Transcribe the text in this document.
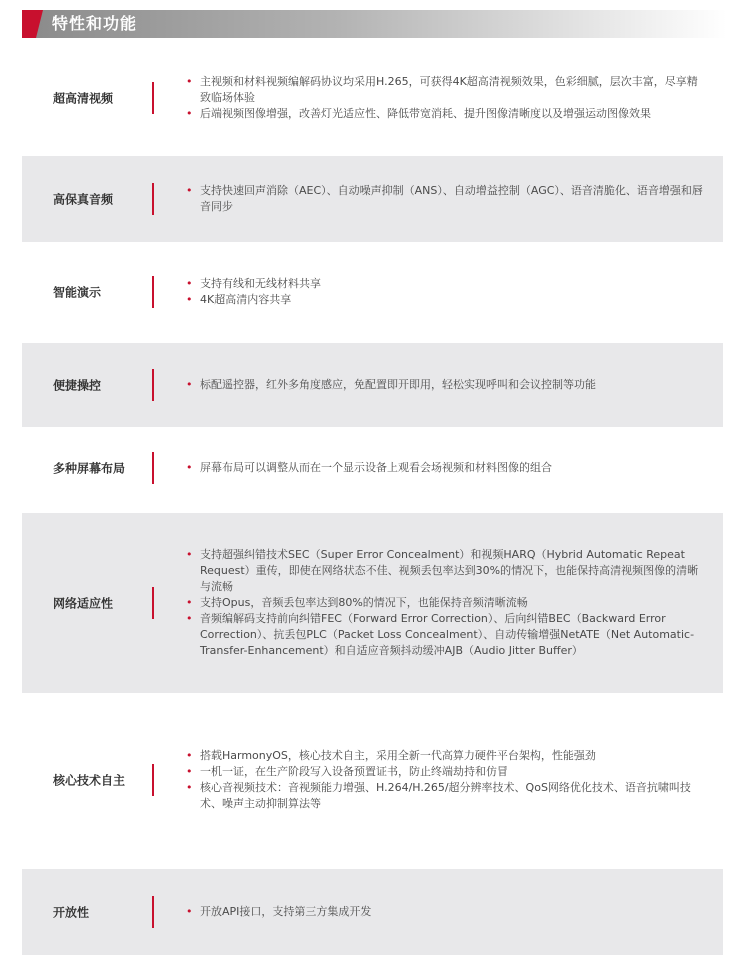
特性和功能
超高清视频
• 主视频和材料视频编解码协议均采用H.265，可获得4K超高清视频效果，色彩细腻，层次丰富，尽享精致临场体验
• 后端视频图像增强，改善灯光适应性、降低带宽消耗、提升图像清晰度以及增强运动图像效果
高保真音频
• 支持快速回声消除（AEC）、自动噪声抑制（ANS）、自动增益控制（AGC）、语音清脆化、语音增强和唇音同步
智能演示
• 支持有线和无线材料共享
• 4K超高清内容共享
便捷操控	• 标配遥控器，红外多角度感应，免配置即开即用，轻松实现呼叫和会议控制等功能
多种屏幕布局	• 屏幕布局可以调整从而在一个显示设备上观看会场视频和材料图像的组合
网络适应性
• 支持超强纠错技术SEC（Super Error Concealment）和视频HARQ（Hybrid Automatic Repeat Request）重传，即使在网络状态不佳、视频丢包率达到30%的情况下，也能保持高清视频图像的清晰与流畅
• 支持Opus，音频丢包率达到80%的情况下，也能保持音频清晰流畅
• 音频编解码支持前向纠错FEC（Forward Error Correction）、后向纠错BEC（Backward Error Correction）、抗丢包PLC（Packet Loss Concealment）、自动传输增强NetATE（Net Automatic-Transfer-Enhancement）和自适应音频抖动缓冲AJB（Audio Jitter Buffer）
核心技术自主
• 搭载HarmonyOS，核心技术自主，采用全新一代高算力硬件平台架构，性能强劲
• 一机一证，在生产阶段写入设备预置证书，防止终端劫持和仿冒
• 核心音视频技术：音视频能力增强、H.264/H.265/超分辨率技术、QoS网络优化技术、语音抗啸叫技术、噪声主动抑制算法等
开放性	• 开放API接口，支持第三方集成开发
